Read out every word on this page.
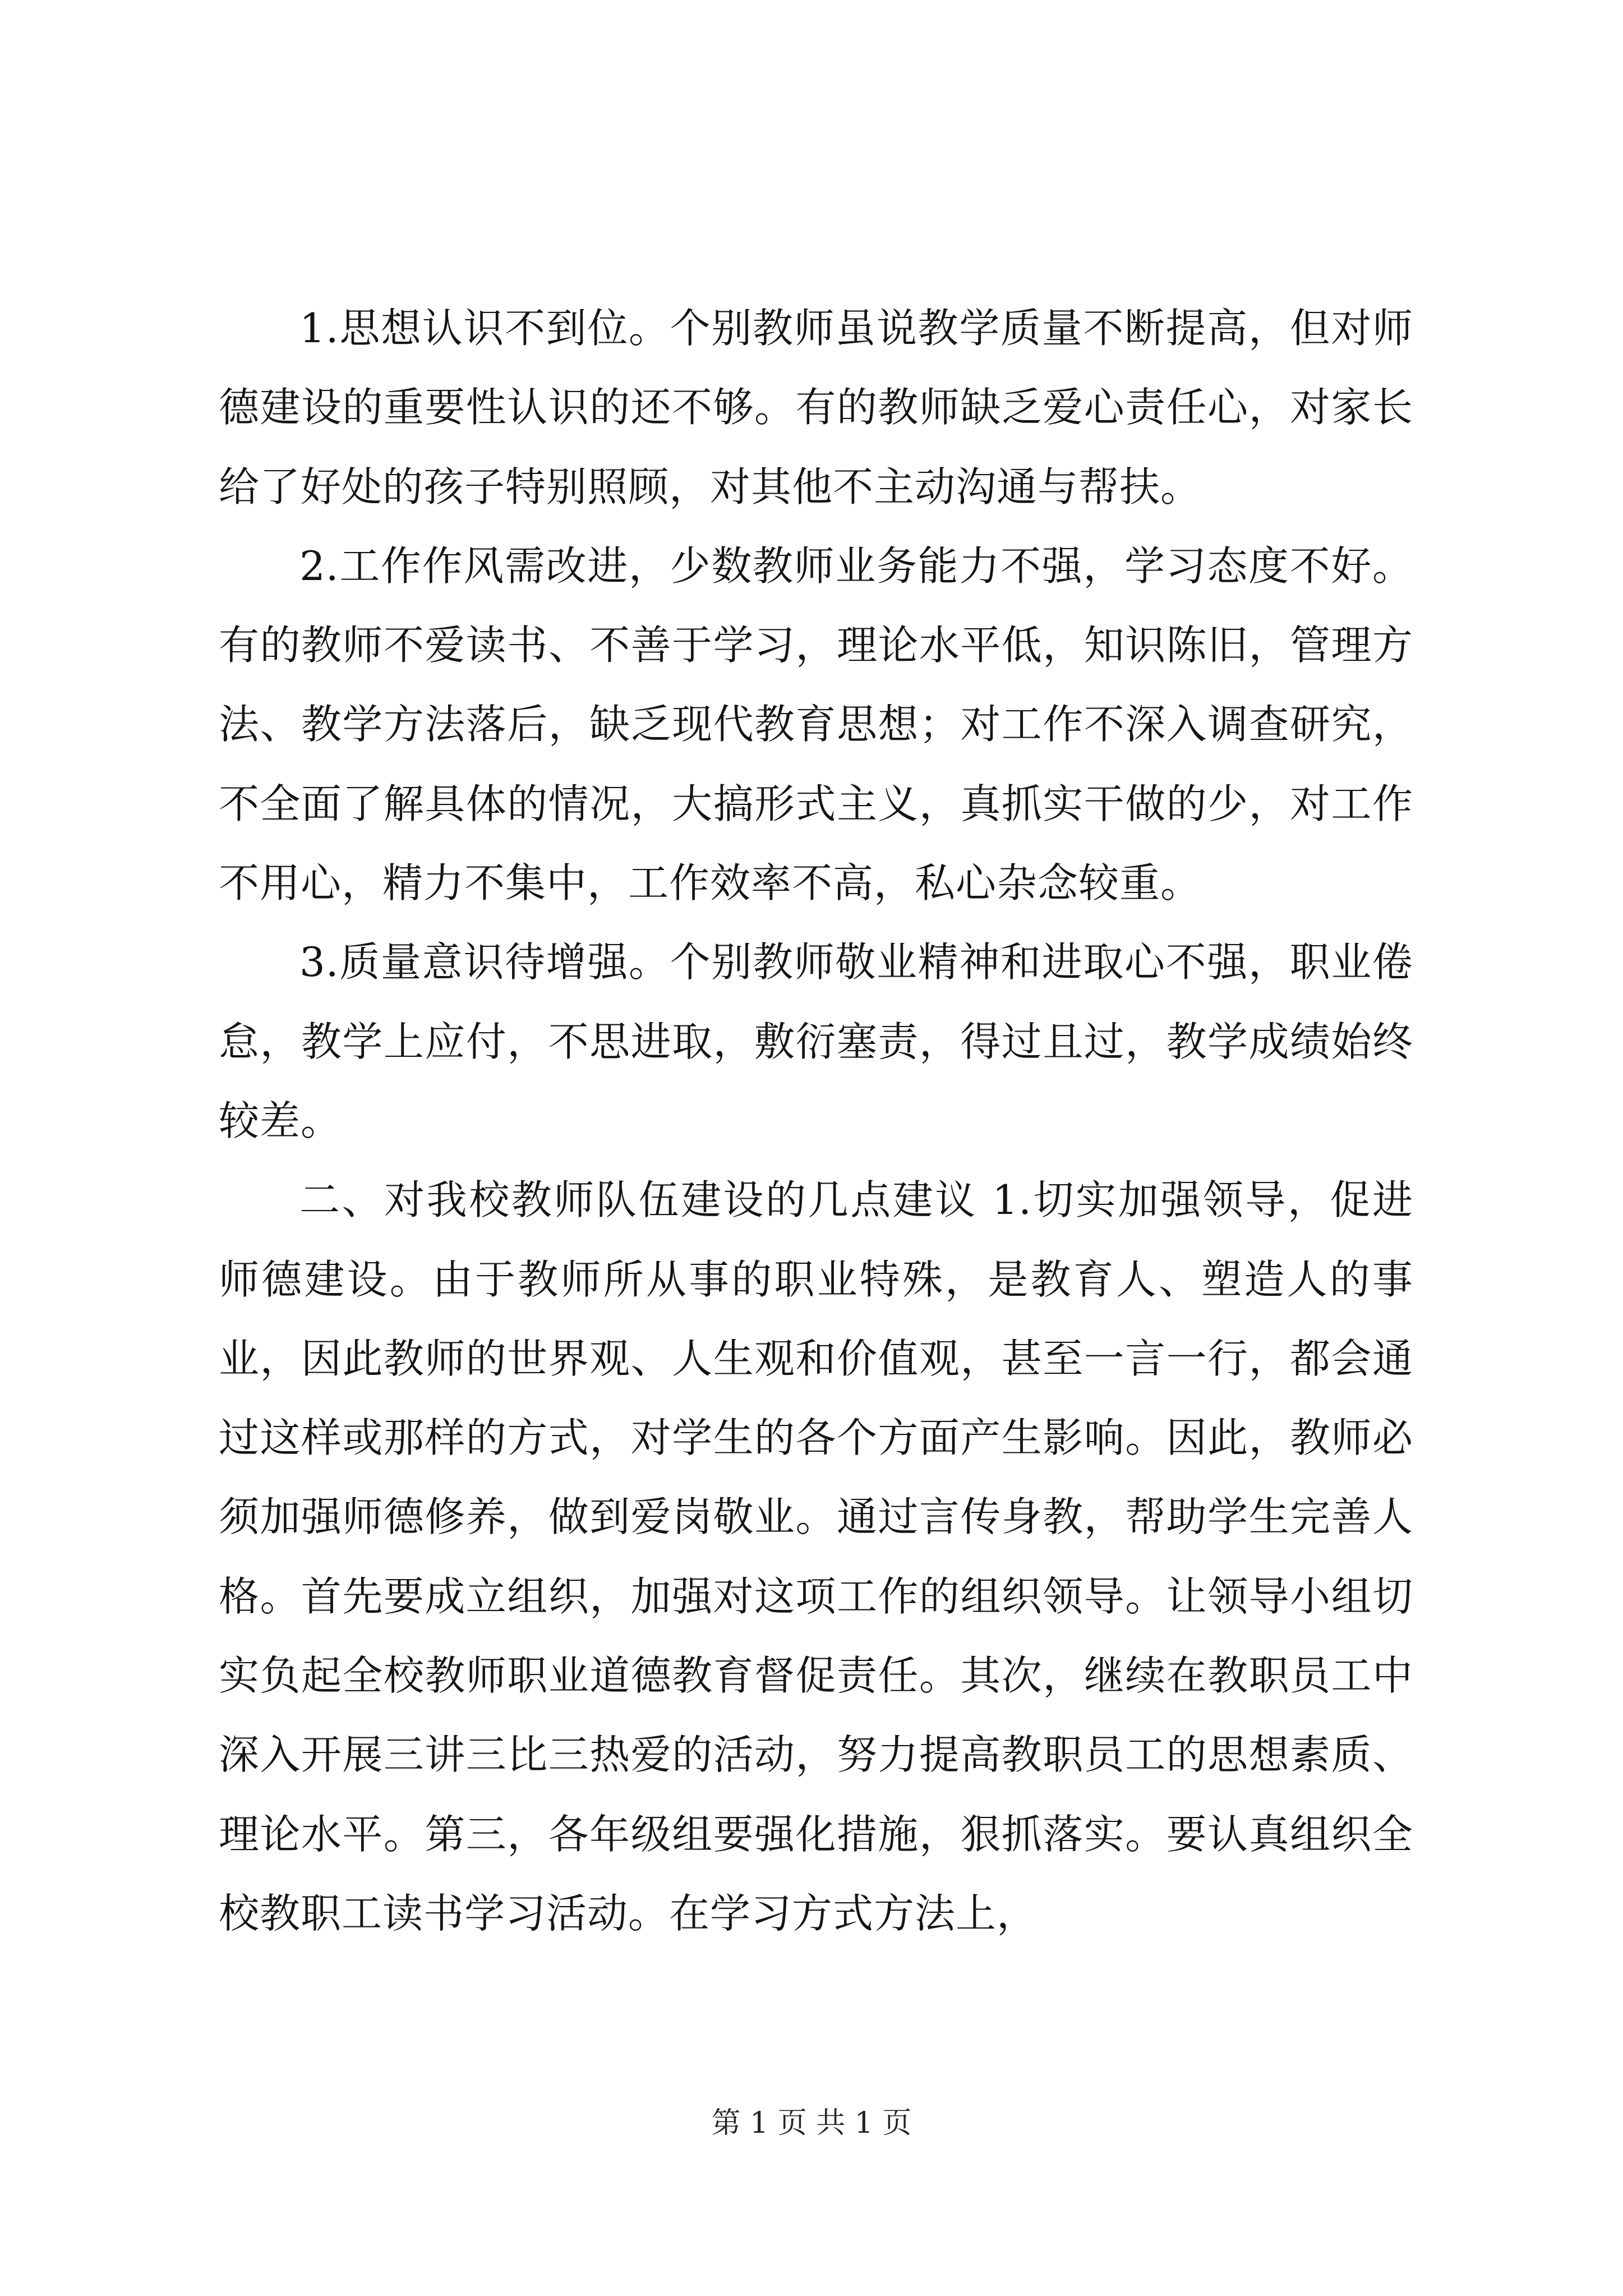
1.思想认识不到位。个别教师虽说教学质量不断提高，但对师德建设的重要性认识的还不够。有的教师缺乏爱心责任心，对家长给了好处的孩子特别照顾，对其他不主动沟通与帮扶。

2.工作作风需改进，少数教师业务能力不强，学习态度不好。有的教师不爱读书、不善于学习，理论水平低，知识陈旧，管理方法、教学方法落后，缺乏现代教育思想；对工作不深入调查研究，不全面了解具体的情况，大搞形式主义，真抓实干做的少，对工作不用心，精力不集中，工作效率不高，私心杂念较重。

3.质量意识待增强。个别教师敬业精神和进取心不强，职业倦怠，教学上应付，不思进取，敷衍塞责，得过且过，教学成绩始终较差。

二、对我校教师队伍建设的几点建议 1.切实加强领导，促进师德建设。由于教师所从事的职业特殊，是教育人、塑造人的事业，因此教师的世界观、人生观和价值观，甚至一言一行，都会通过这样或那样的方式，对学生的各个方面产生影响。因此，教师必须加强师德修养，做到爱岗敬业。通过言传身教，帮助学生完善人格。首先要成立组织，加强对这项工作的组织领导。让领导小组切实负起全校教师职业道德教育督促责任。其次，继续在教职员工中深入开展三讲三比三热爱的活动，努力提高教职员工的思想素质、理论水平。第三，各年级组要强化措施，狠抓落实。要认真组织全校教职工读书学习活动。在学习方式方法上，

第 1 页 共 1 页
